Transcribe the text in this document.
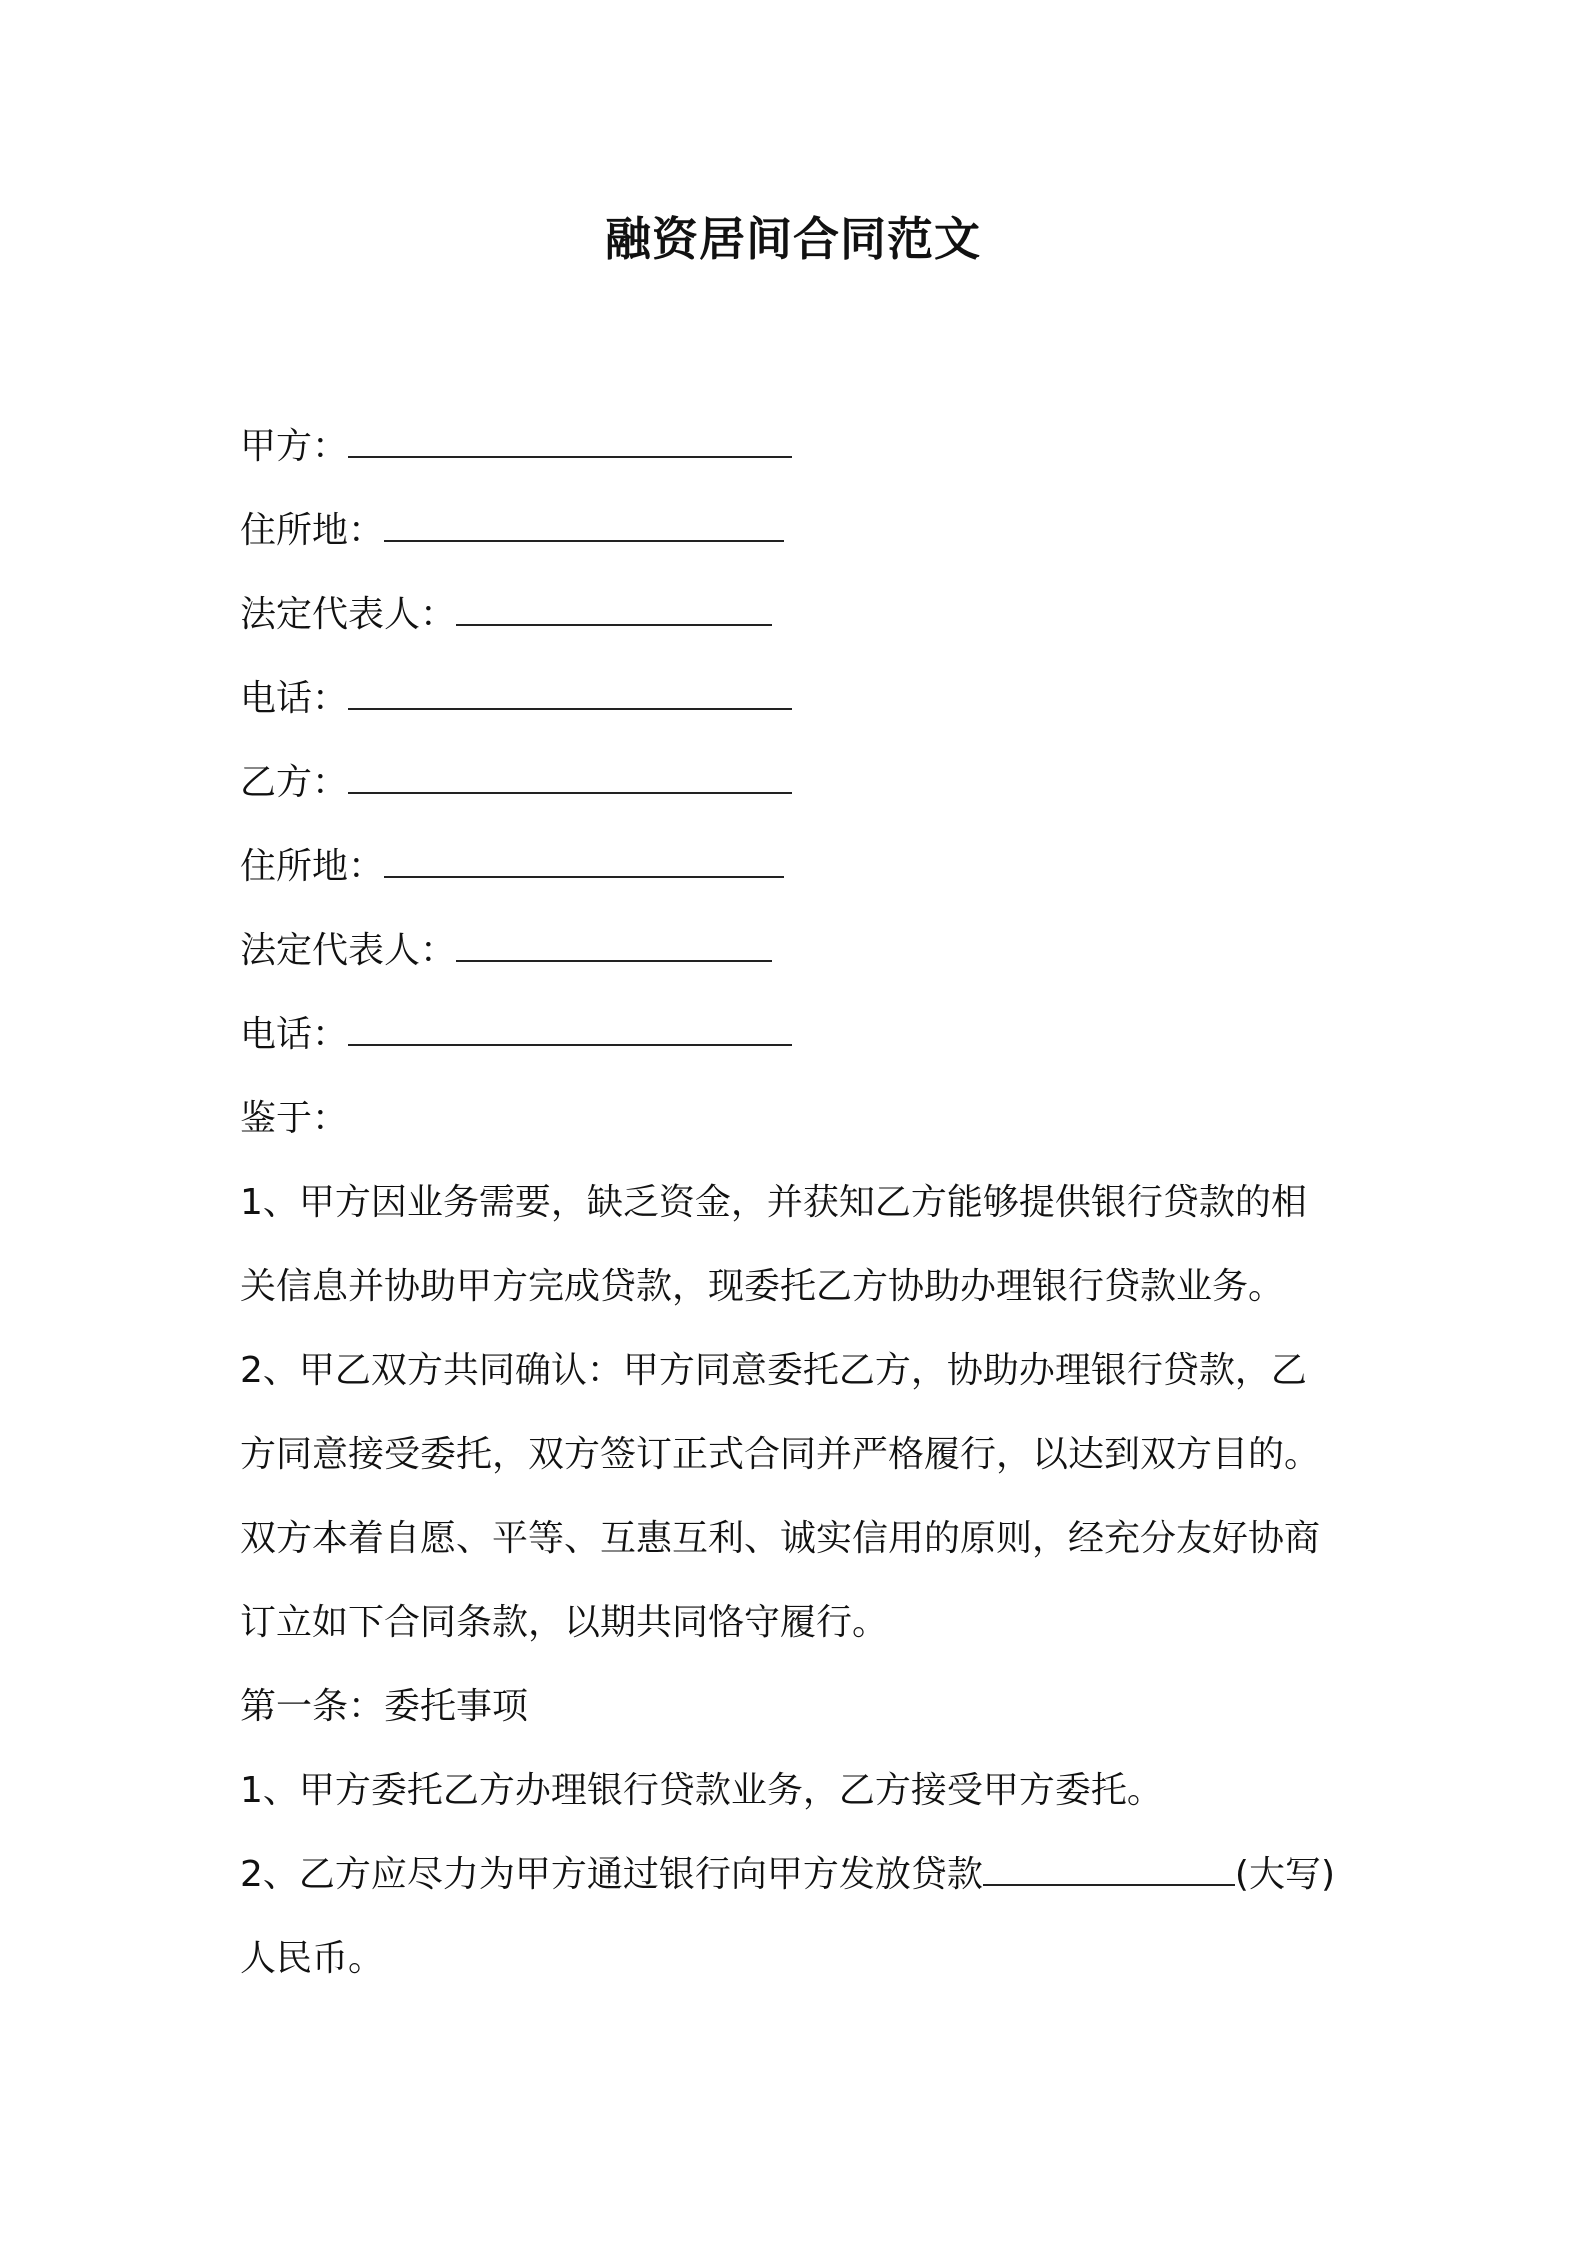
融资居间合同范文
甲方：
住所地：
法定代表人：
电话：
乙方：
住所地：
法定代表人：
电话：
鉴于：
1、甲方因业务需要，缺乏资金，并获知乙方能够提供银行贷款的相
关信息并协助甲方完成贷款，现委托乙方协助办理银行贷款业务。
2、甲乙双方共同确认：甲方同意委托乙方，协助办理银行贷款，乙
方同意接受委托，双方签订正式合同并严格履行，以达到双方目的。
双方本着自愿、平等、互惠互利、诚实信用的原则，经充分友好协商
订立如下合同条款，以期共同恪守履行。
第一条：委托事项
1、甲方委托乙方办理银行贷款业务，乙方接受甲方委托。
2、乙方应尽力为甲方通过银行向甲方发放贷款	(大写)
人民币。
